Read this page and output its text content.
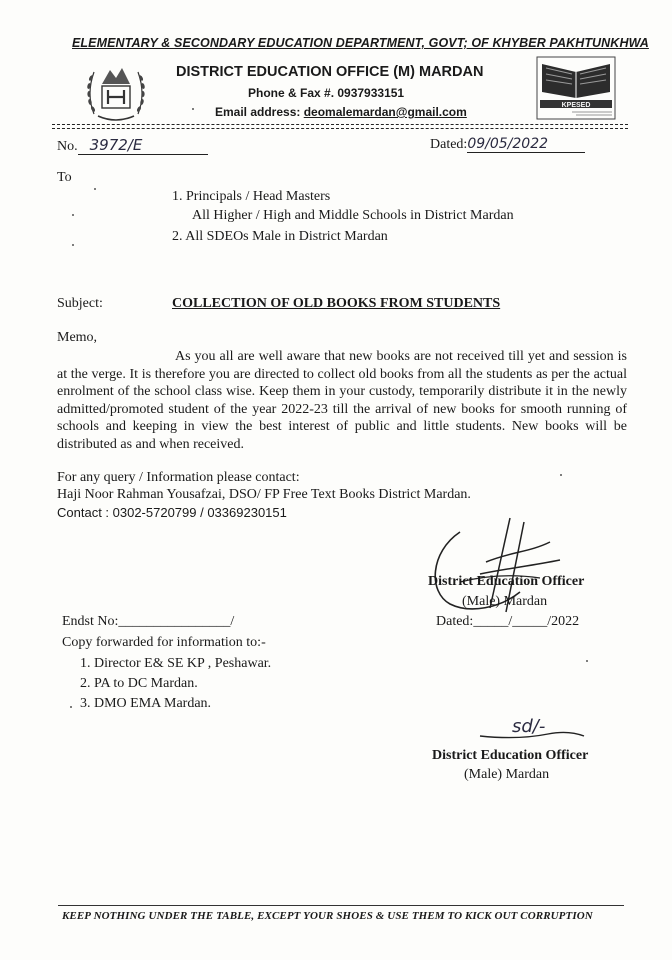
ELEMENTARY & SECONDARY EDUCATION DEPARTMENT, GOVT; OF KHYBER PAKHTUNKHWA
DISTRICT EDUCATION OFFICE (M) MARDAN
Phone & Fax #. 0937933151
Email address: deomalemardan@gmail.com	KPESED
No. 3972/E	Dated:09/05/2022
To
1. Principals / Head Masters
All Higher / High and Middle Schools in District Mardan
2. All SDEOs Male in District Mardan
Subject:	COLLECTION OF OLD BOOKS FROM STUDENTS
Memo,
As you all are well aware that new books are not received till yet and session is at the verge. It is therefore you are directed to collect old books from all the students as per the actual enrolment of the school class wise. Keep them in your custody, temporarily distribute it in the newly admitted/promoted student of the year 2022-23 till the arrival of new books for smooth running of schools and keeping in view the best interest of public and little students. New books will be distributed as and when received.
For any query / Information please contact:
Haji Noor Rahman Yousafzai, DSO/ FP Free Text Books District Mardan.
Contact : 0302-5720799 / 03369230151
District Education Officer
(Male) Mardan
Endst No:________________/	Dated:_____/_____/2022
Copy forwarded for information to:-
1. Director E& SE KP , Peshawar.
2. PA to DC Mardan.
3. DMO EMA Mardan.
sd/-
District Education Officer
(Male) Mardan
KEEP NOTHING UNDER THE TABLE, EXCEPT YOUR SHOES & USE THEM TO KICK OUT CORRUPTION
